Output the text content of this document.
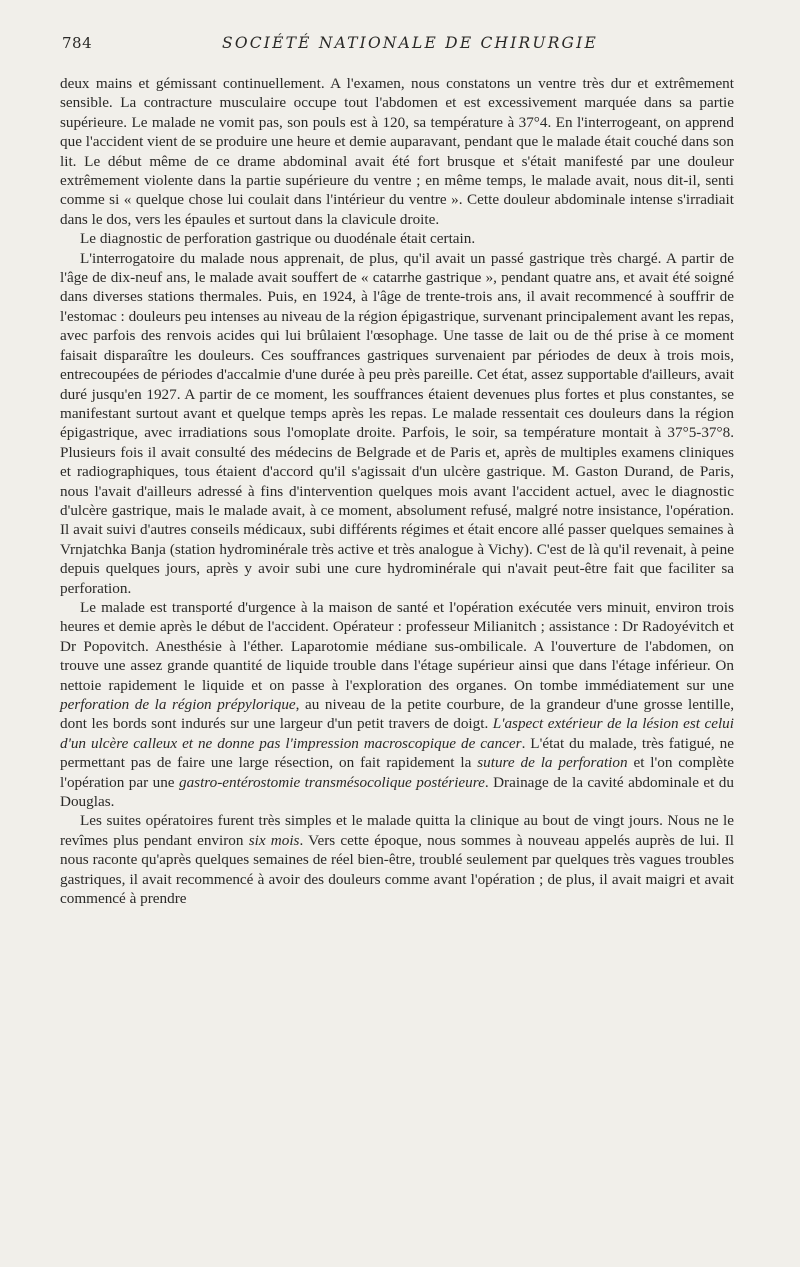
784	SOCIÉTÉ NATIONALE DE CHIRURGIE

deux mains et gémissant continuellement. A l'examen, nous constatons un ventre très dur et extrêmement sensible. La contracture musculaire occupe tout l'abdomen et est excessivement marquée dans sa partie supérieure. Le malade ne vomit pas, son pouls est à 120, sa température à 37°4. En l'interrogeant, on apprend que l'accident vient de se produire une heure et demie auparavant, pendant que le malade était couché dans son lit. Le début même de ce drame abdominal avait été fort brusque et s'était manifesté par une douleur extrêmement violente dans la partie supérieure du ventre ; en même temps, le malade avait, nous dit-il, senti comme si « quelque chose lui coulait dans l'intérieur du ventre ». Cette douleur abdominale intense s'irradiait dans le dos, vers les épaules et surtout dans la clavicule droite.

Le diagnostic de perforation gastrique ou duodénale était certain.

L'interrogatoire du malade nous apprenait, de plus, qu'il avait un passé gastrique très chargé. A partir de l'âge de dix-neuf ans, le malade avait souffert de « catarrhe gastrique », pendant quatre ans, et avait été soigné dans diverses stations thermales. Puis, en 1924, à l'âge de trente-trois ans, il avait recommencé à souffrir de l'estomac : douleurs peu intenses au niveau de la région épigastrique, survenant principalement avant les repas, avec parfois des renvois acides qui lui brûlaient l'œsophage. Une tasse de lait ou de thé prise à ce moment faisait disparaître les douleurs. Ces souffrances gastriques survenaient par périodes de deux à trois mois, entrecoupées de périodes d'accalmie d'une durée à peu près pareille. Cet état, assez supportable d'ailleurs, avait duré jusqu'en 1927. A partir de ce moment, les souffrances étaient devenues plus fortes et plus constantes, se manifestant surtout avant et quelque temps après les repas. Le malade ressentait ces douleurs dans la région épigastrique, avec irradiations sous l'omoplate droite. Parfois, le soir, sa température montait à 37°5-37°8. Plusieurs fois il avait consulté des médecins de Belgrade et de Paris et, après de multiples examens cliniques et radiographiques, tous étaient d'accord qu'il s'agissait d'un ulcère gastrique. M. Gaston Durand, de Paris, nous l'avait d'ailleurs adressé à fins d'intervention quelques mois avant l'accident actuel, avec le diagnostic d'ulcère gastrique, mais le malade avait, à ce moment, absolument refusé, malgré notre insistance, l'opération. Il avait suivi d'autres conseils médicaux, subi différents régimes et était encore allé passer quelques semaines à Vrnjatchka Banja (station hydrominérale très active et très analogue à Vichy). C'est de là qu'il revenait, à peine depuis quelques jours, après y avoir subi une cure hydrominérale qui n'avait peut-être fait que faciliter sa perforation.

Le malade est transporté d'urgence à la maison de santé et l'opération exécutée vers minuit, environ trois heures et demie après le début de l'accident. Opérateur : professeur Milianitch ; assistance : Dr Radoyévitch et Dr Popovitch. Anesthésie à l'éther. Laparotomie médiane sus-ombilicale. A l'ouverture de l'abdomen, on trouve une assez grande quantité de liquide trouble dans l'étage supérieur ainsi que dans l'étage inférieur. On nettoie rapidement le liquide et on passe à l'exploration des organes. On tombe immédiatement sur une perforation de la région prépylorique, au niveau de la petite courbure, de la grandeur d'une grosse lentille, dont les bords sont indurés sur une largeur d'un petit travers de doigt. L'aspect extérieur de la lésion est celui d'un ulcère calleux et ne donne pas l'impression macroscopique de cancer. L'état du malade, très fatigué, ne permettant pas de faire une large résection, on fait rapidement la suture de la perforation et l'on complète l'opération par une gastro-entérostomie transmésocolique postérieure. Drainage de la cavité abdominale et du Douglas.

Les suites opératoires furent très simples et le malade quitta la clinique au bout de vingt jours. Nous ne le revîmes plus pendant environ six mois. Vers cette époque, nous sommes à nouveau appelés auprès de lui. Il nous raconte qu'après quelques semaines de réel bien-être, troublé seulement par quelques très vagues troubles gastriques, il avait recommencé à avoir des douleurs comme avant l'opération ; de plus, il avait maigri et avait commencé à prendre
